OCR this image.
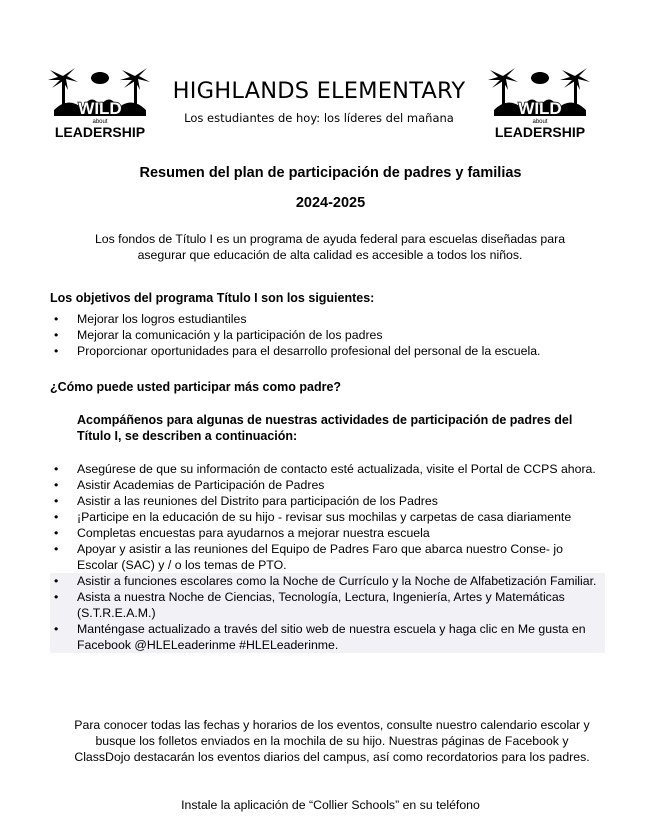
WILD
about
LEADERSHIP
HIGHLANDS ELEMENTARY
Los estudiantes de hoy: los líderes del mañana	WILD
about
LEADERSHIP
Resumen del plan de participación de padres y familias
2024-2025
Los fondos de Título I es un programa de ayuda federal para escuelas diseñadas para asegurar que educación de alta calidad es accesible a todos los niños.
Los objetivos del programa Título I son los siguientes:
• Mejorar los logros estudiantiles
• Mejorar la comunicación y la participación de los padres
• Proporcionar oportunidades para el desarrollo profesional del personal de la escuela.
¿Cómo puede usted participar más como padre?
Acompáñenos para algunas de nuestras actividades de participación de padres del Título I, se describen a continuación:
• Asegúrese de que su información de contacto esté actualizada, visite el Portal de CCPS ahora.
• Asistir Academias de Participación de Padres
• Asistir a las reuniones del Distrito para participación de los Padres
• ¡Participe en la educación de su hijo - revisar sus mochilas y carpetas de casa diariamente
• Completas encuestas para ayudarnos a mejorar nuestra escuela
• Apoyar y asistir a las reuniones del Equipo de Padres Faro que abarca nuestro Conse- jo Escolar (SAC) y / o los temas de PTO.
• Asistir a funciones escolares como la Noche de Currículo y la Noche de Alfabetización Familiar.
• Asista a nuestra Noche de Ciencias, Tecnología, Lectura, Ingeniería, Artes y Matemáticas (S.T.R.E.A.M.)
• Manténgase actualizado a través del sitio web de nuestra escuela y haga clic en Me gusta en Facebook @HLELeaderinme #HLELeaderinme.
Para conocer todas las fechas y horarios de los eventos, consulte nuestro calendario escolar y busque los folletos enviados en la mochila de su hijo. Nuestras páginas de Facebook y ClassDojo destacarán los eventos diarios del campus, así como recordatorios para los padres.
Instale la aplicación de “Collier Schools” en su teléfono
